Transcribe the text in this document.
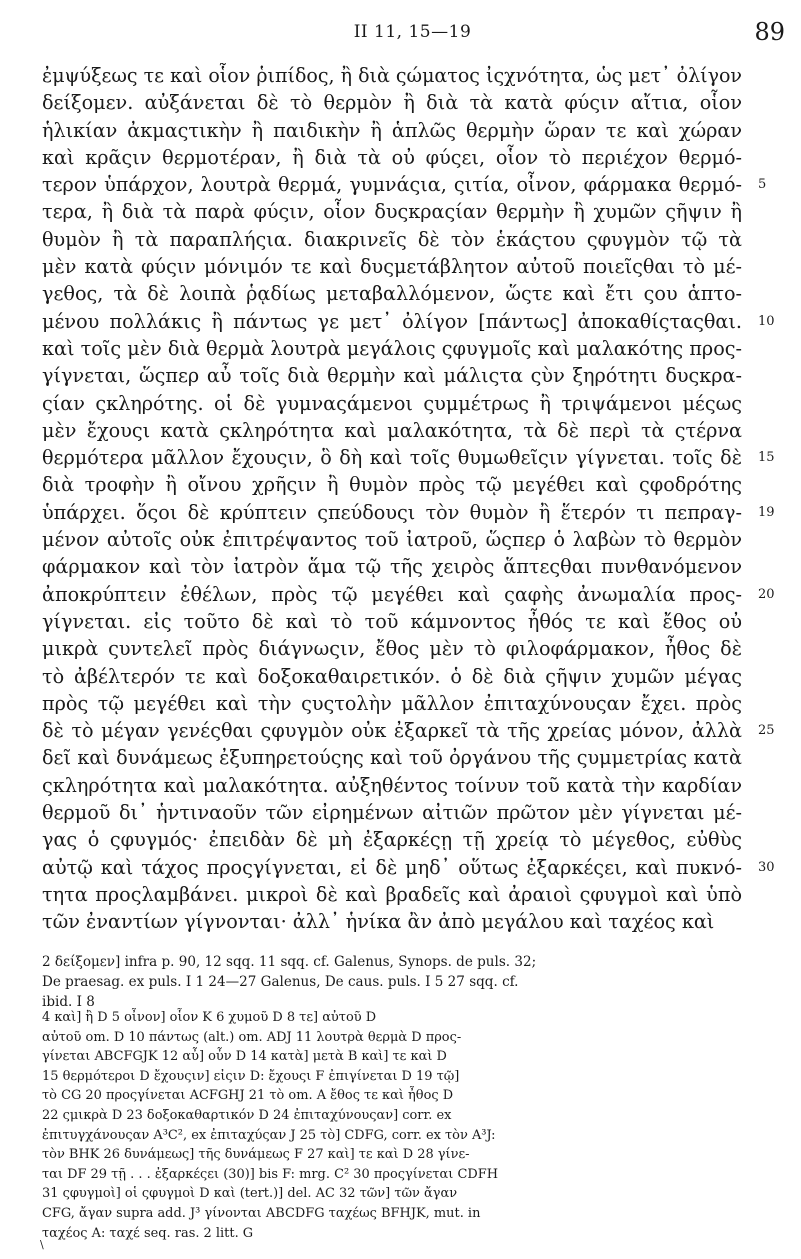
II 11, 15—19	89
ἐμψύξεως τε καὶ οἷον ῥιπίδος, ἢ διὰ ςώματος ἰςχνότητα, ὡς μετ᾿ ὀλίγον
δείξομεν. αὐξάνεται δὲ τὸ θερμὸν ἢ διὰ τὰ κατὰ φύςιν αἴτια, οἷον
ἡλικίαν ἀκμαςτικὴν ἢ παιδικὴν ἢ ἁπλῶς θερμὴν ὥραν τε καὶ χώραν
καὶ κρᾶςιν θερμοτέραν, ἢ διὰ τὰ οὐ φύςει, οἷον τὸ περιέχον θερμό-
τερον ὑπάρχον, λουτρὰ θερμά, γυμνάςια, ςιτία, οἶνον, φάρμακα θερμό- 5
τερα, ἢ διὰ τὰ παρὰ φύςιν, οἷον δυςκραςίαν θερμὴν ἢ χυμῶν ςῆψιν ἢ
θυμὸν ἢ τὰ παραπλήςια. διακρινεῖς δὲ τὸν ἑκάςτου ςφυγμὸν τῷ τὰ
μὲν κατὰ φύςιν μόνιμόν τε καὶ δυςμετάβλητον αὐτοῦ ποιεῖςθαι τὸ μέ-
γεθος, τὰ δὲ λοιπὰ ῥᾳδίως μεταβαλλόμενον, ὥςτε καὶ ἔτι ςου ἁπτο-
μένου πολλάκις ἢ πάντως γε μετ᾿ ὀλίγον [πάντως] ἀποκαθίςταςθαι. 10
καὶ τοῖς μὲν διὰ θερμὰ λουτρὰ μεγάλοις ςφυγμοῖς καὶ μαλακότης προς-
γίγνεται, ὥςπερ αὖ τοῖς διὰ θερμὴν καὶ μάλιςτα ςὺν ξηρότητι δυςκρα-
ςίαν ςκληρότης. οἱ δὲ γυμναςάμενοι ςυμμέτρως ἢ τριψάμενοι μέςως
μὲν ἔχουςι κατὰ ςκληρότητα καὶ μαλακότητα, τὰ δὲ περὶ τὰ ςτέρνα
θερμότερα μᾶλλον ἔχουςιν, ὃ δὴ καὶ τοῖς θυμωθεῖςιν γίγνεται. τοῖς δὲ 15
διὰ τροφὴν ἢ οἴνου χρῆςιν ἢ θυμὸν πρὸς τῷ μεγέθει καὶ ςφοδρότης
ὑπάρχει. ὅςοι δὲ κρύπτειν ςπεύδουςι τὸν θυμὸν ἢ ἕτερόν τι πεπραγ- 19
μένον αὐτοῖς οὐκ ἐπιτρέψαντος τοῦ ἰατροῦ, ὥςπερ ὁ λαβὼν τὸ θερμὸν
φάρμακον καὶ τὸν ἰατρὸν ἅμα τῷ τῆς χειρὸς ἅπτεςθαι πυνθανόμενον
ἀποκρύπτειν ἐθέλων, πρὸς τῷ μεγέθει καὶ ςαφὴς ἀνωμαλία προς- 20
γίγνεται. εἰς τοῦτο δὲ καὶ τὸ τοῦ κάμνοντος ἦθός τε καὶ ἔθος οὐ
μικρὰ ςυντελεῖ πρὸς διάγνωςιν, ἔθος μὲν τὸ φιλοφάρμακον, ἦθος δὲ
τὸ ἀβέλτερόν τε καὶ δοξοκαθαιρετικόν. ὁ δὲ διὰ ςῆψιν χυμῶν μέγας
πρὸς τῷ μεγέθει καὶ τὴν ςυςτολὴν μᾶλλον ἐπιταχύνουςαν ἔχει. πρὸς
δὲ τὸ μέγαν γενέςθαι ςφυγμὸν οὐκ ἐξαρκεῖ τὰ τῆς χρείας μόνον, ἀλλὰ 25
δεῖ καὶ δυνάμεως ἐξυπηρετούςης καὶ τοῦ ὀργάνου τῆς ςυμμετρίας κατὰ
ςκληρότητα καὶ μαλακότητα. αὐξηθέντος τοίνυν τοῦ κατὰ τὴν καρδίαν
θερμοῦ δι᾿ ἡντιναοῦν τῶν εἰρημένων αἰτιῶν πρῶτον μὲν γίγνεται μέ-
γας ὁ ςφυγμός· ἐπειδὰν δὲ μὴ ἐξαρκέςῃ τῇ χρείᾳ τὸ μέγεθος, εὐθὺς
αὐτῷ καὶ τάχος προςγίγνεται, εἰ δὲ μηδ᾿ οὕτως ἐξαρκέςει, καὶ πυκνό- 30
τητα προςλαμβάνει. μικροὶ δὲ καὶ βραδεῖς καὶ ἀραιοὶ ςφυγμοὶ καὶ ὑπὸ
τῶν ἐναντίων γίγνονται· ἀλλ᾿ ἡνίκα ἂν ἀπὸ μεγάλου καὶ ταχέος καὶ
2 δείξομεν] infra p. 90, 12 sqq. 11 sqq. cf. Galenus, Synops. de puls. 32;
De praesag. ex puls. I 1 24—27 Galenus, De caus. puls. I 5 27 sqq. cf.
ibid. I 8
4 καὶ] ἢ D 5 οἶνον] οἷον K 6 χυμοῦ D 8 τε] αὐτοῦ D
αὐτοῦ om. D 10 πάντως (alt.) om. ADJ 11 λουτρὰ θερμὰ D προς-
γίνεται ABCFGJK 12 αὖ] οὖν D 14 κατὰ] μετὰ B καὶ] τε καὶ D
15 θερμότεροι D ἔχουςιν] εἰςιν D: ἔχουςι F ἐπιγίνεται D 19 τῷ]
τὸ CG 20 προςγίνεται ACFGHJ 21 τὸ om. A ἔθος τε καὶ ἦθος D
22 ςμικρὰ D 23 δοξοκαθαρτικόν D 24 ἐπιταχύνουςαν] corr. ex
ἐπιτυγχάνουςαν A³C², ex ἐπιταχύςαν J 25 τὸ] CDFG, corr. ex τὸν A³J:
τὸν BHK 26 δυνάμεως] τῆς δυνάμεως F 27 καὶ] τε καὶ D 28 γίνε-
ται DF 29 τῇ . . . ἐξαρκέςει (30)] bis F: mrg. C² 30 προςγίνεται CDFH
31 ςφυγμοὶ] οἱ ςφυγμοὶ D καὶ (tert.)] del. AC 32 τῶν] τῶν ἄγαν
CFG, ἄγαν supra add. J³ γίνονται ABCDFG ταχέως BFHJK, mut. in
ταχέος A: ταχέ seq. ras. 2 litt. G
\
